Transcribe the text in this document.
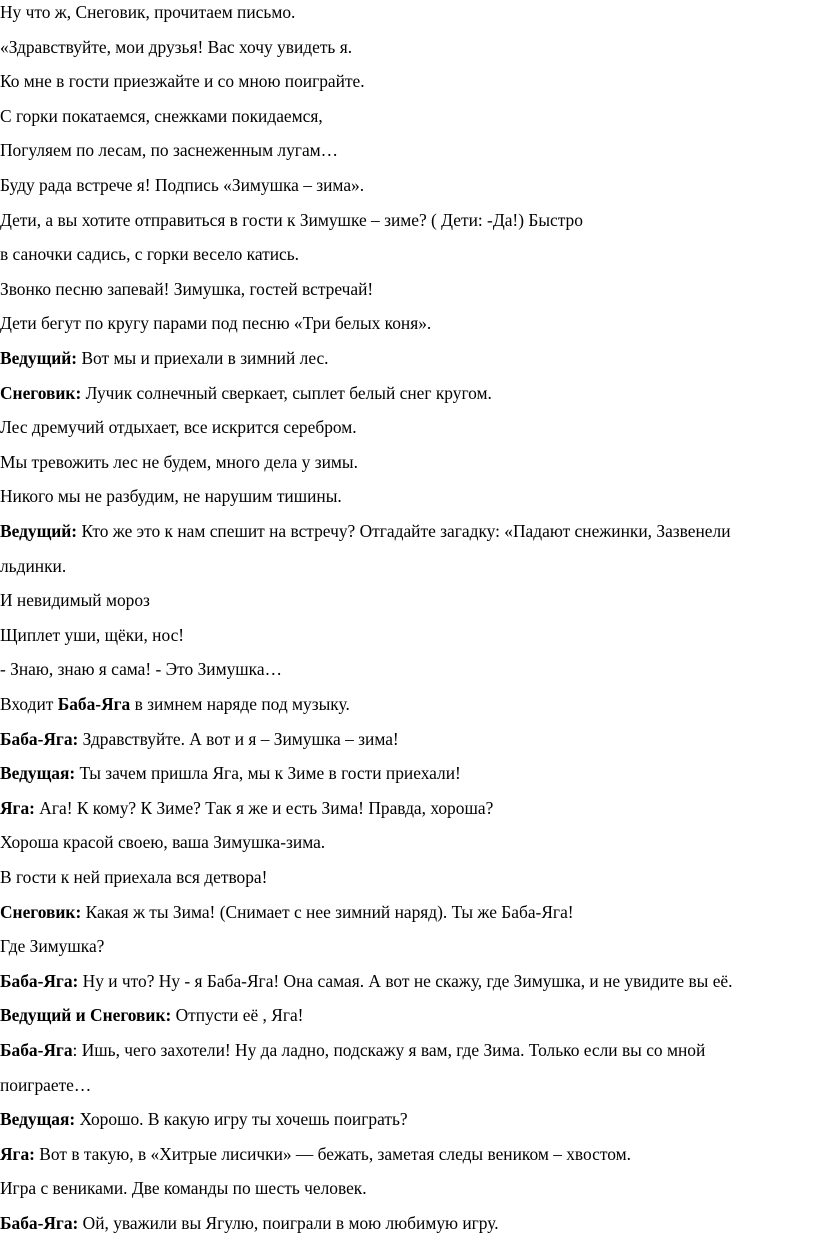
Ну что ж, Снеговик, прочитаем письмо.

«Здравствуйте, мои друзья! Вас хочу увидеть я.

Ко мне в гости приезжайте и со мною поиграйте.

С горки покатаемся, снежками покидаемся,

Погуляем по лесам, по заснеженным лугам…

Буду рада встрече я! Подпись «Зимушка – зима».

Дети, а вы хотите отправиться в гости к Зимушке – зиме? ( Дети: -Да!) Быстро

в саночки садись, с горки весело катись.

Звонко песню запевай! Зимушка, гостей встречай!

Дети бегут по кругу парами под песню «Три белых коня».

Ведущий: Вот мы и приехали в зимний лес.

Снеговик: Лучик солнечный сверкает, сыплет белый снег кругом.

Лес дремучий отдыхает, все искрится серебром.

Мы тревожить лес не будем, много дела у зимы.

Никого мы не разбудим, не нарушим тишины.

Ведущий: Кто же это к нам спешит на встречу? Отгадайте загадку: «Падают снежинки, Зазвенели

льдинки.

И невидимый мороз

Щиплет уши, щёки, нос!

- Знаю, знаю я сама! - Это Зимушка…

Входит Баба-Яга в зимнем наряде под музыку.

Баба-Яга: Здравствуйте. А вот и я – Зимушка – зима!

Ведущая: Ты зачем пришла Яга, мы к Зиме в гости приехали!

Яга: Ага! К кому? К Зиме? Так я же и есть Зима! Правда, хороша?

Хороша красой своею, ваша Зимушка-зима.

В гости к ней приехала вся детвора!

Снеговик: Какая ж ты Зима! (Снимает с нее зимний наряд). Ты же Баба-Яга!

Где Зимушка?

Баба-Яга: Ну и что? Ну - я Баба-Яга! Она самая. А вот не скажу, где Зимушка, и не увидите вы её.

Ведущий и Снеговик: Отпусти её , Яга!

Баба-Яга: Ишь, чего захотели! Ну да ладно, подскажу я вам, где Зима. Только если вы со мной

поиграете…

Ведущая: Хорошо. В какую игру ты хочешь поиграть?

Яга: Вот в такую, в «Хитрые лисички» — бежать, заметая следы веником – хвостом.

Игра с вениками. Две команды по шесть человек.

Баба-Яга: Ой, уважили вы Ягулю, поиграли в мою любимую игру.
